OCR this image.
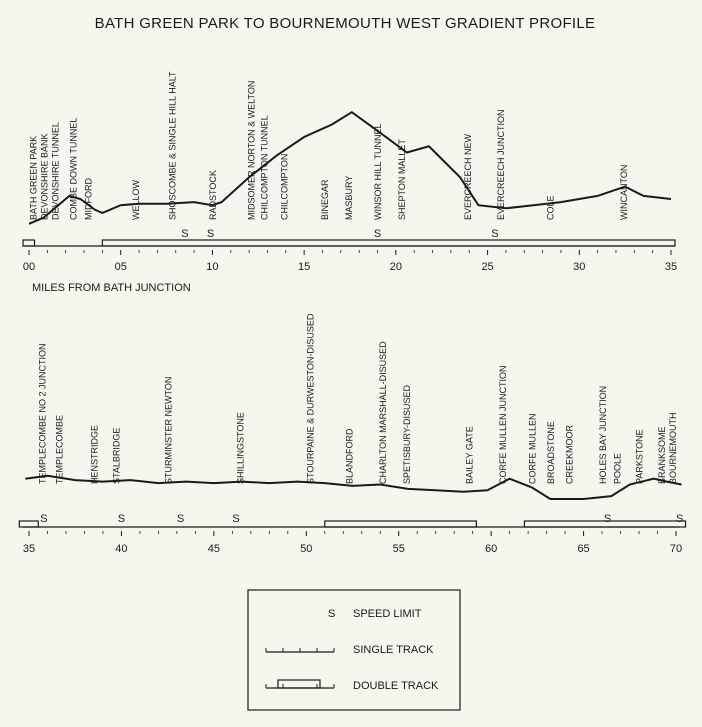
BATH GREEN PARK TO BOURNEMOUTH WEST GRADIENT PROFILE
BATH GREEN PARK DEVONSHIRE BANK DEVONSHIRE TUNNEL COMBE DOWN TUNNEL MIDFORD	WELLOW	SHOSCOMBE & SINGLE HILL HALT	RADSTOCK	MIDSOMER NORTON & WELTON CHILCOMPTON TUNNEL CHILCOMPTON	BINEGAR MASBURY WINSOR HILL TUNNEL SHEPTON MALLET	EVERCREECH NEW	EVERCREECH JUNCTION	COLE	WINCANTON
S S	S	S
00	05	10	15	20	25	30	35
MILES FROM BATH JUNCTION
TEMPLECOMBE NO 2 JUNCTION TEMPLECOMBE	HENSTRIDGE STALBRIDGE	STURMINSTER NEWTON	SHILLINGSTONE	STOURPAINE & DURWESTON-DISUSED	BLANDFORD	CHARLTON MARSHALL-DISUSED SPETISBURY-DISUSED	BAILEY GATE	CORFE MULLEN JUNCTION CORFE MULLEN BROADSTONE CREEKMOOR	HOLES BAY JUNCTION POOLE PARKSTONE BRANKSOME BOURNEMOUTH
S	S	S	S	S	S
35	40	45	50	55	60	65	70
S SPEED LIMIT
SINGLE TRACK
DOUBLE TRACK
